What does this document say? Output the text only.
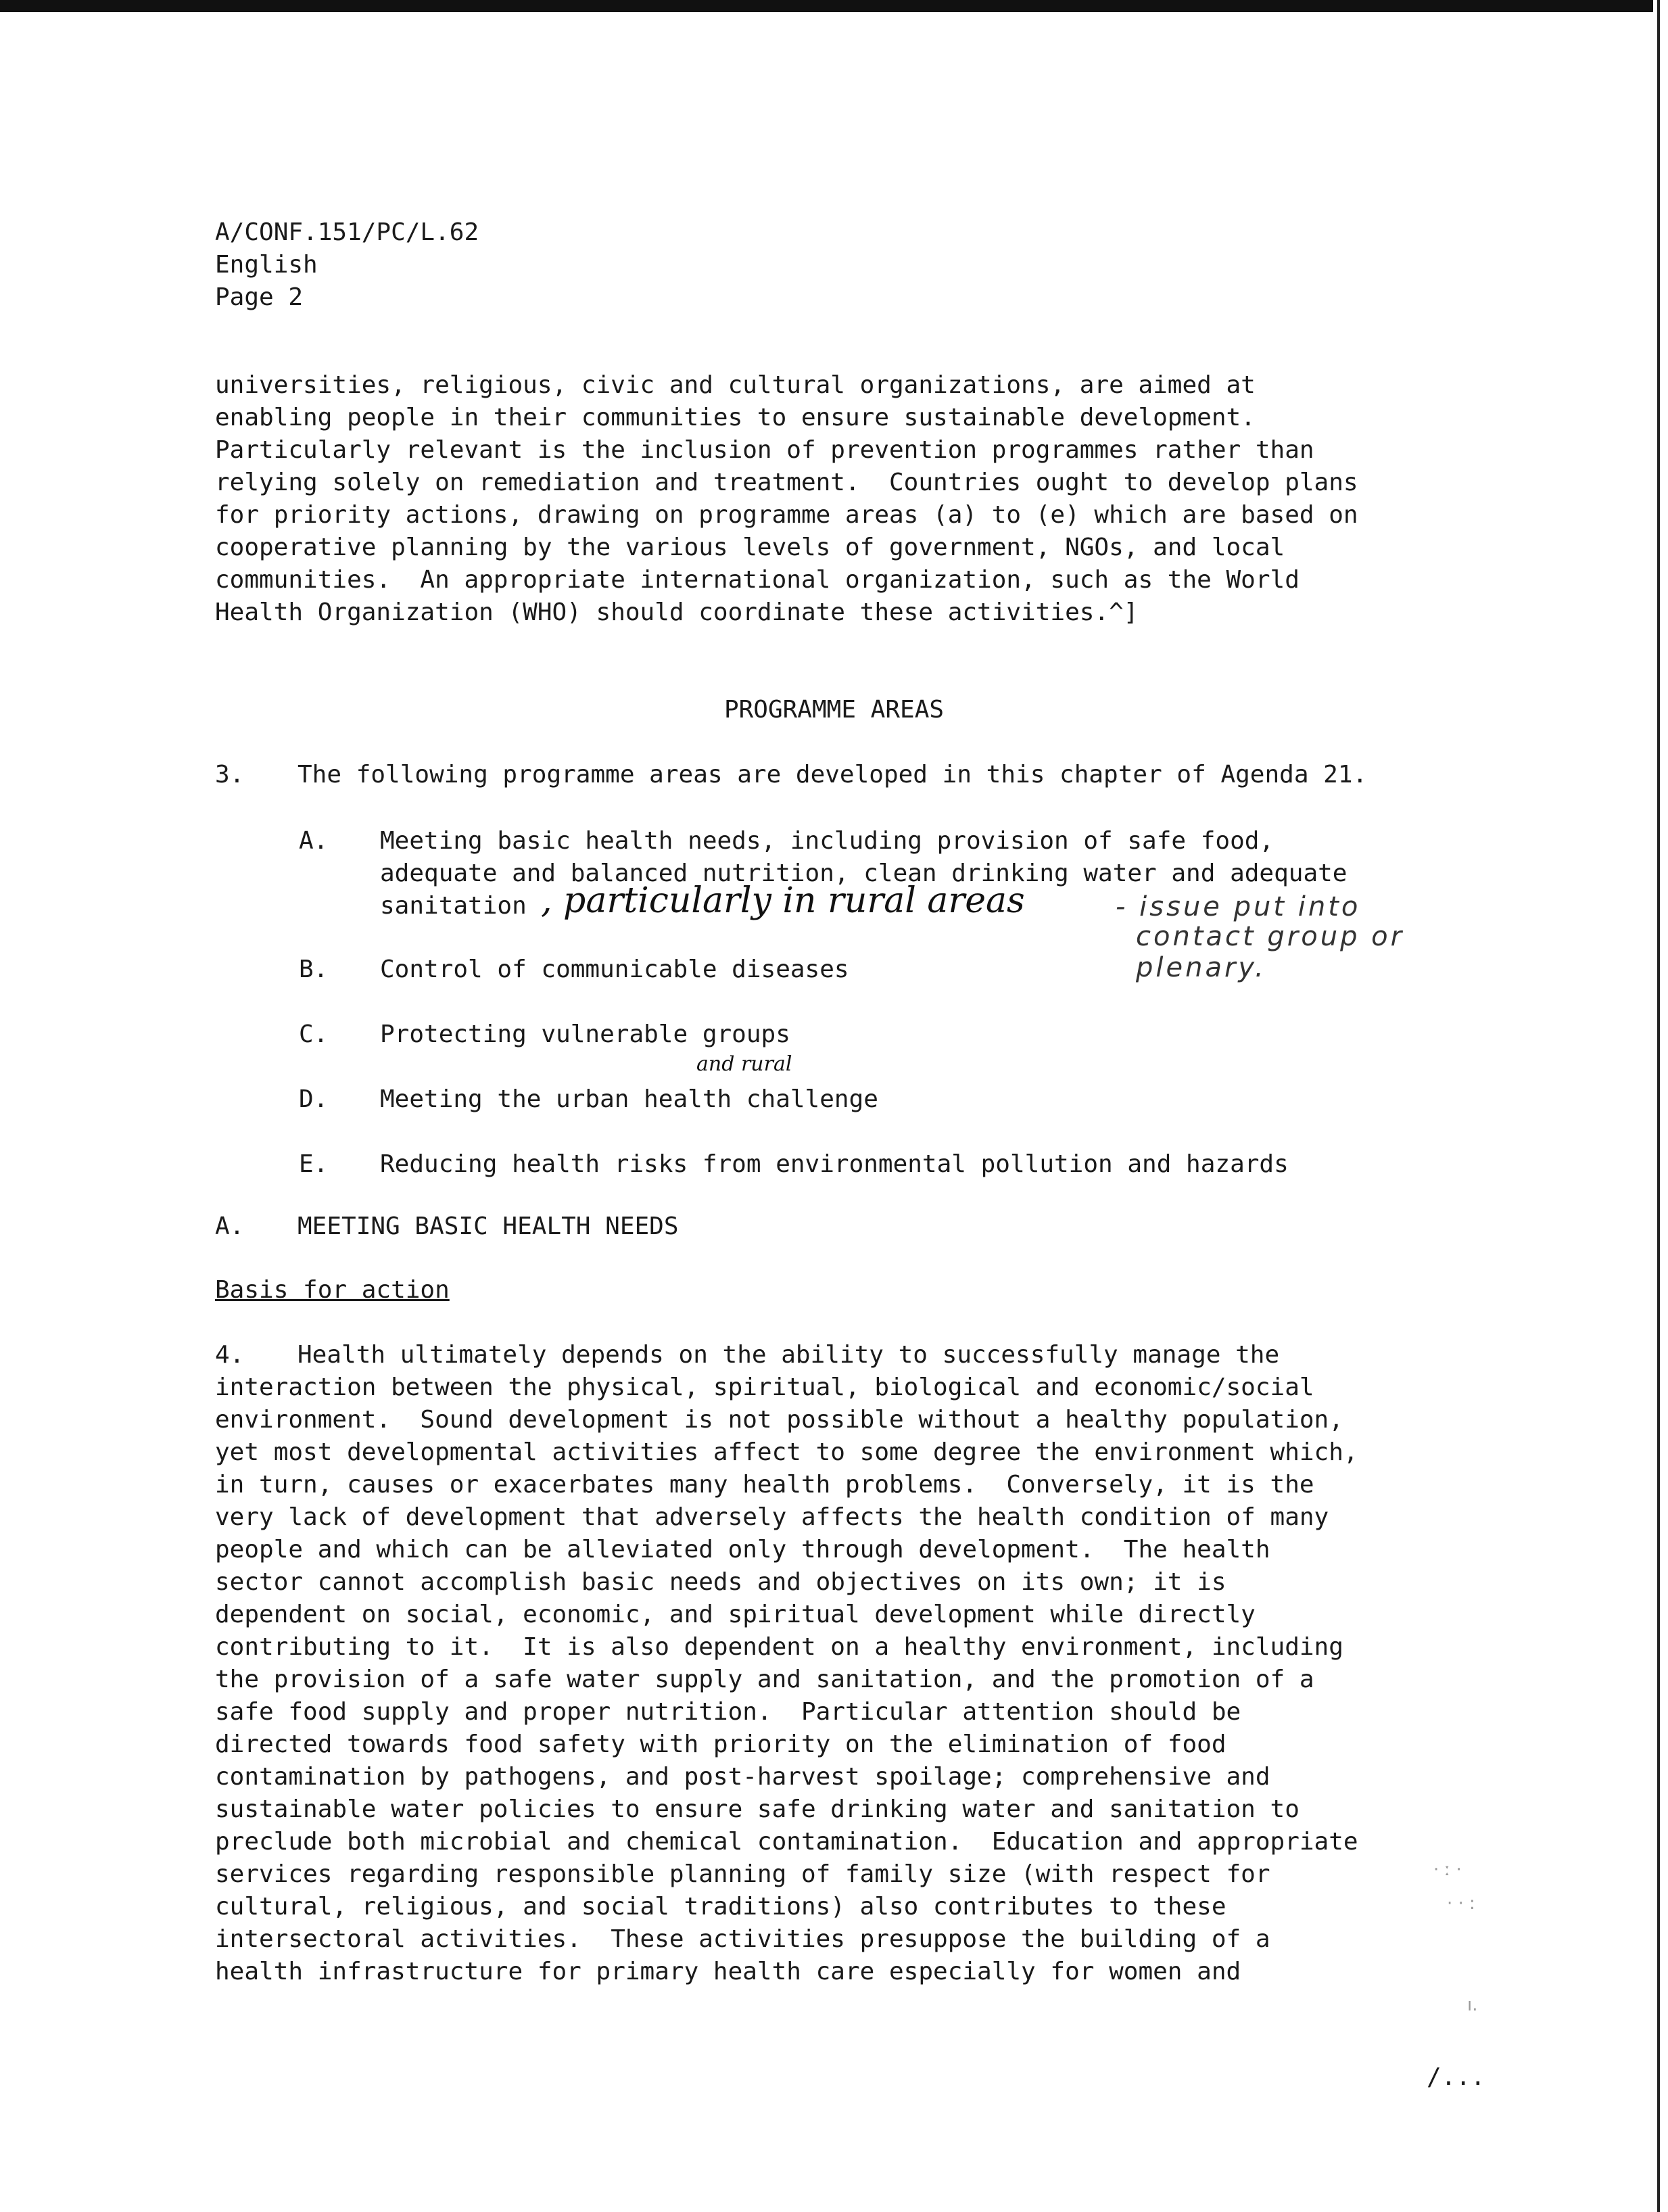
A/CONF.151/PC/L.62
English
Page 2
universities, religious, civic and cultural organizations, are aimed at
enabling people in their communities to ensure sustainable development.
Particularly relevant is the inclusion of prevention programmes rather than
relying solely on remediation and treatment.  Countries ought to develop plans
for priority actions, drawing on programme areas (a) to (e) which are based on
cooperative planning by the various levels of government, NGOs, and local
communities.  An appropriate international organization, such as the World
Health Organization (WHO) should coordinate these activities.^]
PROGRAMME AREAS
3. The following programme areas are developed in this chapter of Agenda 21.
A. Meeting basic health needs, including provision of safe food,
adequate and balanced nutrition, clean drinking water and adequate
sanitation , particularly in rural areas	- issue put into
contact group or
plenary.
B. Control of communicable diseases
C. Protecting vulnerable groups
and rural
D. Meeting the urban health challenge
E. Reducing health risks from environmental pollution and hazards
A. MEETING BASIC HEALTH NEEDS
Basis for action
4. Health ultimately depends on the ability to successfully manage the
interaction between the physical, spiritual, biological and economic/social
environment.  Sound development is not possible without a healthy population,
yet most developmental activities affect to some degree the environment which,
in turn, causes or exacerbates many health problems.  Conversely, it is the
very lack of development that adversely affects the health condition of many
people and which can be alleviated only through development.  The health
sector cannot accomplish basic needs and objectives on its own; it is
dependent on social, economic, and spiritual development while directly
contributing to it.  It is also dependent on a healthy environment, including
the provision of a safe water supply and sanitation, and the promotion of a
safe food supply and proper nutrition.  Particular attention should be
directed towards food safety with priority on the elimination of food
contamination by pathogens, and post-harvest spoilage; comprehensive and
sustainable water policies to ensure safe drinking water and sanitation to
preclude both microbial and chemical contamination.  Education and appropriate
services regarding responsible planning of family size (with respect for
cultural, religious, and social traditions) also contributes to these
intersectoral activities.  These activities presuppose the building of a
health infrastructure for primary health care especially for women and
· ː ·
· · :
ı.
/...
